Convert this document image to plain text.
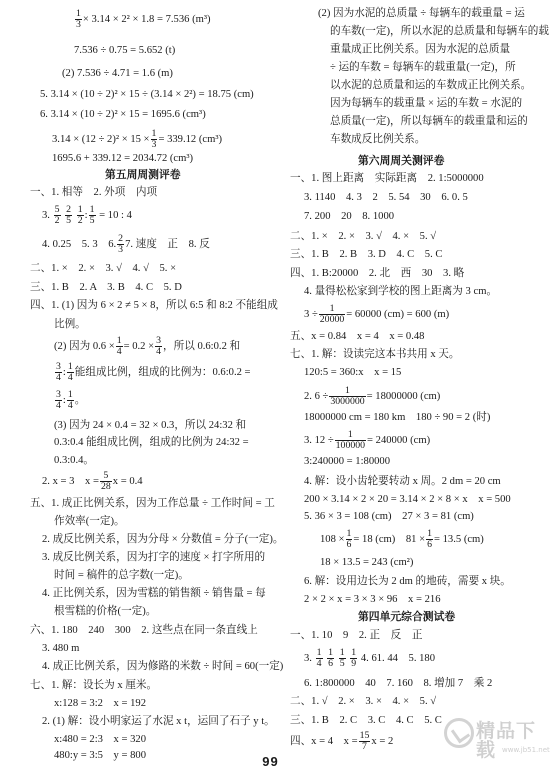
$\frac{1}{3} \times 3.14 \times 2^2 \times 1.8 = 7.536$ (m³)
7.536 ÷ 0.75 = 5.652 (t)
(2) 7.536 ÷ 4.71 = 1.6 (m)
5. 3.14 × (10 ÷ 2)² × 15 ÷ (3.14 × 2²) = 18.75 (cm)
6. 3.14 × (10 ÷ 2)² × 15 = 1695.6 (cm³)
$3.14 \times (12 \div 2)^2 \times 15 \times \frac{1}{3} = 339.12$ (cm³)
1695.6 + 339.12 = 2034.72 (cm³)
第五周周测评卷
一、1. 相等　2. 外项　内项
3. $\frac{5}{2}$
$\frac{2}{5}$
$\frac{1}{2}$ : $\frac{1}{5} = 10$ : 4
4. 0.25　5. 3　6. $\frac{2}{3} 7$. 速度　正　8. 反
二、1. ×　2. ×　3. √　4. √　5. ×
三、1. B　2. A　3. B　4. C　5. D
四、1. (1) 因为 6 × 2 ≠ 5 × 8，所以 6:5 和 8:2 不能组成
比例。
(2) 因为 $0.6 \times \frac{1}{4} = 0.2 \times \frac{3}{4}$ ，所以 0.6:0.2 和
$\frac{3}{4}$ : $\frac{1}{4}$ 能组成比例，组成的比例为：0.6:0.2 =
$\frac{3}{4}$ : $\frac{1}{4}$ 。
(3) 因为 24 × 0.4 = 32 × 0.3，所以 24:32 和
0.3:0.4 能组成比例，组成的比例为 24:32 =
0.3:0.4。
2. x = 3　$x = \frac{5}{28}$ x = 0.4
五、1. 成正比例关系，因为工作总量 ÷ 工作时间 = 工
作效率(一定)。
2. 成反比例关系，因为分母 × 分数值 = 分子(一定)。
3. 成反比例关系，因为打字的速度 × 打字所用的
时间 = 稿件的总字数(一定)。
4. 正比例关系，因为雪糕的销售额 ÷ 销售量 = 每
根雪糕的价格(一定)。
六、1. 180　240　300　2. 这些点在同一条直线上
3. 480 m
4. 成正比例关系，因为修路的米数 ÷ 时间 = 60(一定)
七、1. 解：设长为 x 厘米。
x:128 = 3:2　x = 192
2. (1) 解：设小明家运了水泥 x t，运回了石子 y t。
x:480 = 2:3　x = 320
480:y = 3:5　y = 800
(2) 因为水泥的总质量 ÷ 每辆车的载重量 = 运
的车数(一定)，所以水泥的总质量和每辆车的载
重量成正比例关系。因为水泥的总质量
÷ 运的车数 = 每辆车的载重量(一定)，所
以水泥的总质量和运的车数成正比例关系。
因为每辆车的载重量 × 运的车数 = 水泥的
总质量(一定)，所以每辆车的载重量和运的
车数成反比例关系。
第六周周关测评卷
一、1. 图上距离　实际距离　2. 1:5000000
3. 1140　4. 3　2　5. 54　30　6. 0. 5
7. 200　20　8. 1000
二、1. ×　2. ×　3. √　4. ×　5. √
三、1. B　2. B　3. D　4. C　5. C
四、1. B:20000　2. 北　西　30　3. 略
4. 量得松松家到学校的图上距离为 3 cm。
$3 \div \frac{1}{20000} = 60000$ (cm) = 600 (m)
五、x = 0.84　x = 4　x = 0.48
七、1. 解：设读完这本书共用 x 天。
120:5 = 360:x　x = 15
2. $6 \div \frac{1}{3000000} = 18000000$ (cm)
18000000 cm = 180 km　180 ÷ 90 = 2 (时)
3. $12 \div \frac{1}{100000} = 240000$ (cm)
3:240000 = 1:80000
4. 解：设小齿轮要转动 x 周。2 dm = 20 cm
200 × 3.14 × 2 × 20 = 3.14 × 2 × 8 × x　x = 500
5. 36 × 3 = 108 (cm)　27 × 3 = 81 (cm)
$108 \times \frac{1}{6} = 18$ (cm)　$81 \times \frac{1}{6} = 13.5$ (cm)
18 × 13.5 = 243 (cm²)
6. 解：设用边长为 2 dm 的地砖，需要 x 块。
2 × 2 × x = 3 × 3 × 96　x = 216
第四单元综合测试卷
一、1. 10　9　2. 正　反　正
3. $\frac{1}{4}$
$\frac{1}{6}$
$\frac{1}{5}$
$\frac{1}{9} 4$. 61. 44　5. 180
6. 1:800000　40　7. 160　8. 增加 7　乘 2
二、1. √　2. ×　3. ×　4. ×　5. √
三、1. B　2. C　3. C　4. C　5. C
四、x = 4　$x = \frac{15}{7}$ x = 2	精品下载 www.jb51.net
99
